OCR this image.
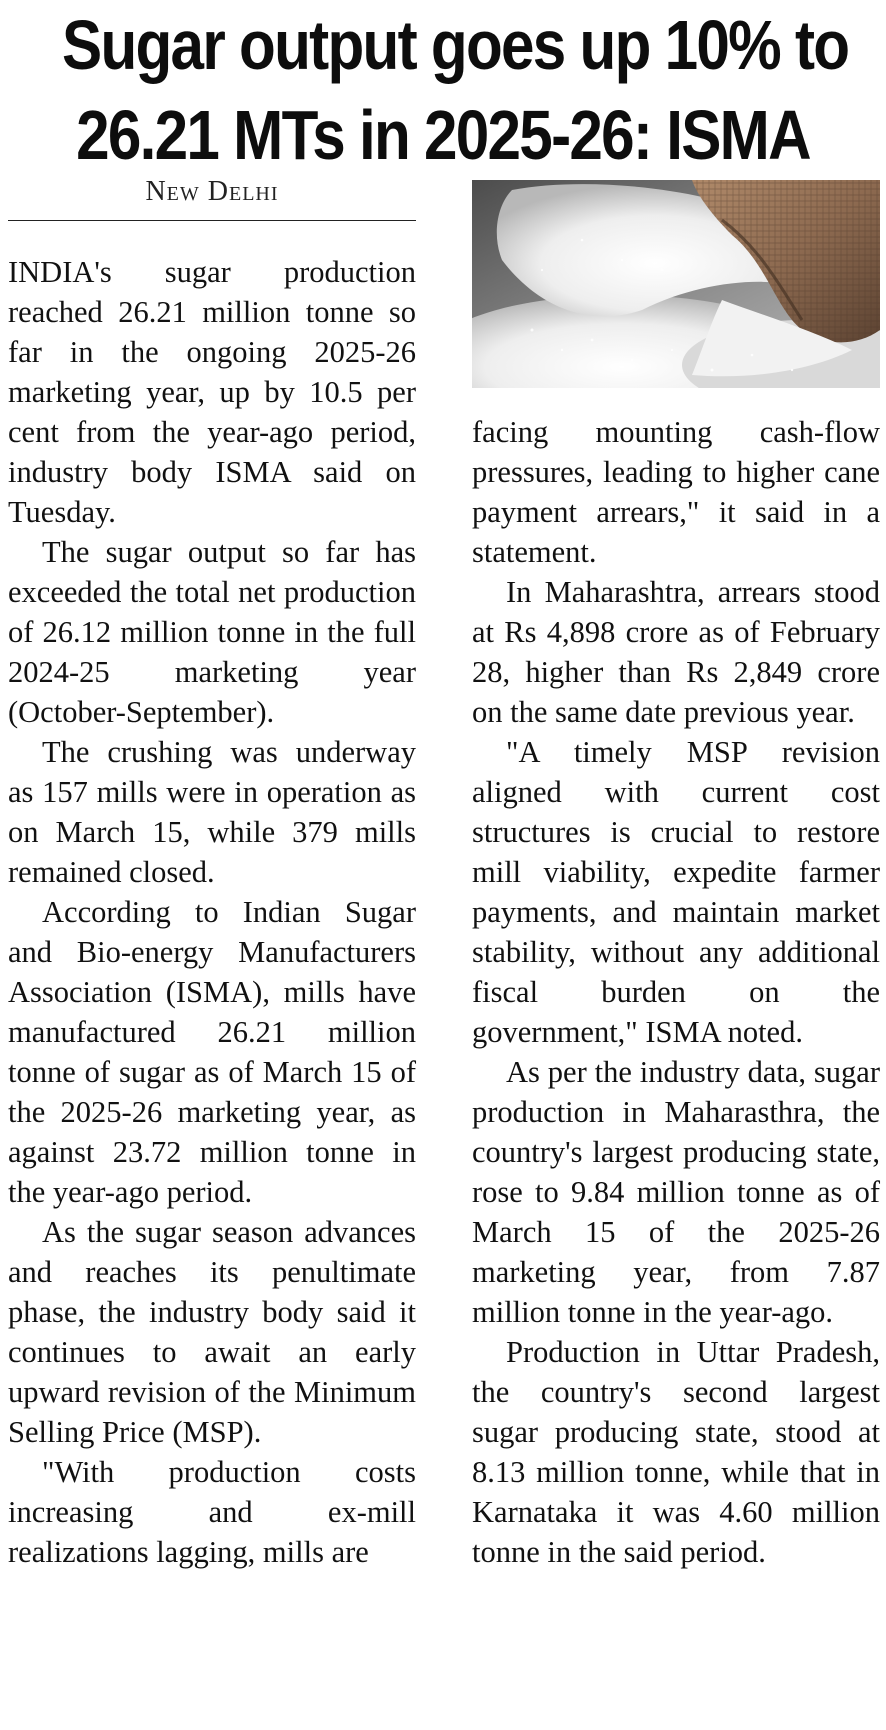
Sugar output goes up 10% to
26.21 MTs in 2025-26: ISMA
New Delhi

INDIA's sugar production reached 26.21 million tonne so far in the ongoing 2025-26 marketing year, up by 10.5 per cent from the year-ago period, industry body ISMA said on Tuesday.

The sugar output so far has exceeded the total net production of 26.12 million tonne in the full 2024-25 marketing year (October-September).

The crushing was underway as 157 mills were in operation as on March 15, while 379 mills remained closed.

According to Indian Sugar and Bio-energy Manufacturers Association (ISMA), mills have manufactured 26.21 million tonne of sugar as of March 15 of the 2025-26 marketing year, as against 23.72 million tonne in the year-ago period.

As the sugar season advances and reaches its penultimate phase, the industry body said it continues to await an early upward revision of the Minimum Selling Price (MSP).

"With production costs increasing and ex-mill realizations lagging, mills are

facing mounting cash-flow pressures, leading to higher cane payment arrears," it said in a statement.

In Maharashtra, arrears stood at Rs 4,898 crore as of February 28, higher than Rs 2,849 crore on the same date previous year.

"A timely MSP revision aligned with current cost structures is crucial to restore mill viability, expedite farmer payments, and maintain market stability, without any additional fiscal burden on the government," ISMA noted.

As per the industry data, sugar production in Maharasthra, the country's largest producing state, rose to 9.84 million tonne as of March 15 of the 2025-26 marketing year, from 7.87 million tonne in the year-ago.

Production in Uttar Pradesh, the country's second largest sugar producing state, stood at 8.13 million tonne, while that in Karnataka it was 4.60 million tonne in the said period.
